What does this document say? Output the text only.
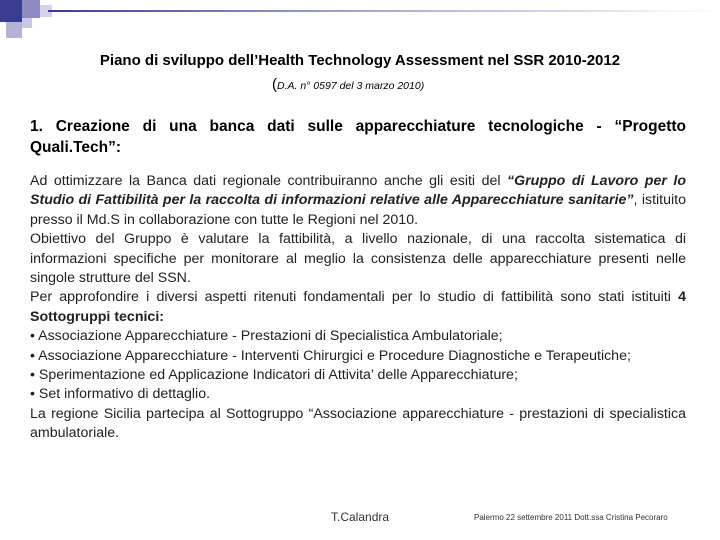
Piano di sviluppo dell’Health Technology Assessment nel SSR 2010-2012
(D.A. n° 0597 del 3 marzo 2010)
1. Creazione di una banca dati sulle apparecchiature tecnologiche - “Progetto Quali.Tech”:

Ad ottimizzare la Banca dati regionale contribuiranno anche gli esiti del “Gruppo di Lavoro per lo Studio di Fattibilità per la raccolta di informazioni relative alle Apparecchiature sanitarie”, istituito presso il Md.S in collaborazione con tutte le Regioni nel 2010.

Obiettivo del Gruppo è valutare la fattibilità, a livello nazionale, di una raccolta sistematica di informazioni specifiche per monitorare al meglio la consistenza delle apparecchiature presenti nelle singole strutture del SSN.

Per approfondire i diversi aspetti ritenuti fondamentali per lo studio di fattibilità sono stati istituiti 4 Sottogruppi tecnici:

• Associazione Apparecchiature - Prestazioni di Specialistica Ambulatoriale;

• Associazione Apparecchiature - Interventi Chirurgici e Procedure Diagnostiche e Terapeutiche;

• Sperimentazione ed Applicazione Indicatori di Attivita’ delle Apparecchiature;

• Set informativo di dettaglio.

La regione Sicilia partecipa al Sottogruppo “Associazione apparecchiature - prestazioni di specialistica ambulatoriale.

T.Calandra	Palermo 22 settembre 2011 Dott.ssa Cristina Pecoraro
